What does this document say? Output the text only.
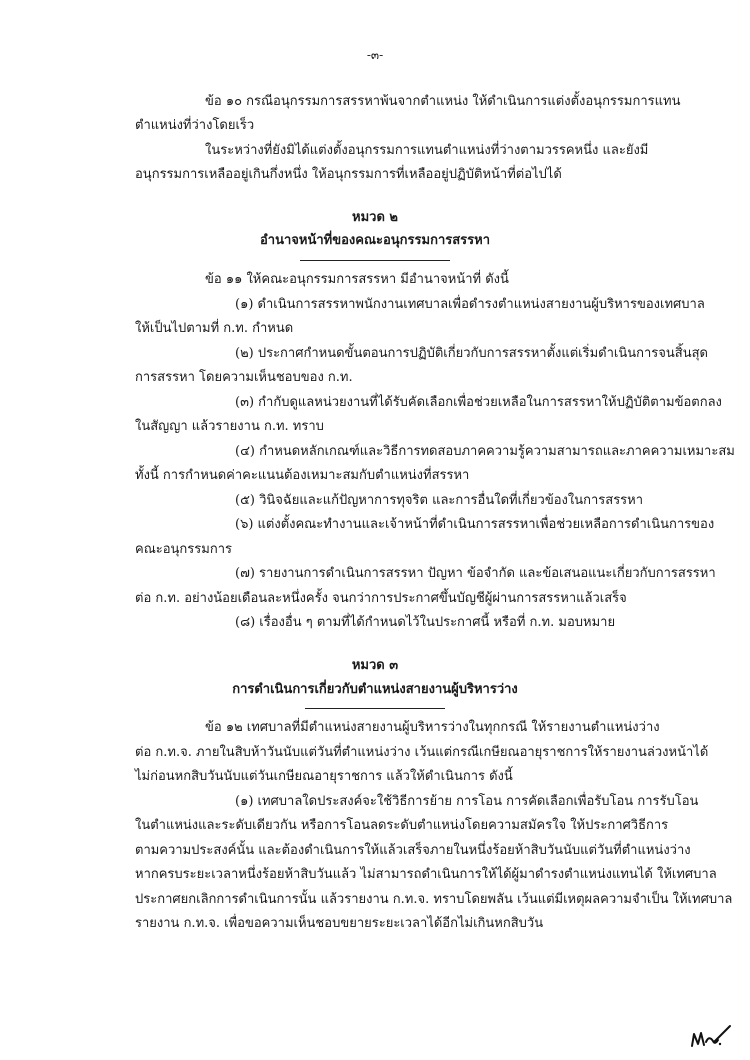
-๓-
ข้อ ๑๐ กรณีอนุกรรมการสรรหาพ้นจากตำแหน่ง ให้ดำเนินการแต่งตั้งอนุกรรมการแทน
ตำแหน่งที่ว่างโดยเร็ว
ในระหว่างที่ยังมิได้แต่งตั้งอนุกรรมการแทนตำแหน่งที่ว่างตามวรรคหนึ่ง และยังมี
อนุกรรมการเหลืออยู่เกินกึ่งหนึ่ง ให้อนุกรรมการที่เหลืออยู่ปฏิบัติหน้าที่ต่อไปได้
หมวด ๒
อำนาจหน้าที่ของคณะอนุกรรมการสรรหา
ข้อ ๑๑ ให้คณะอนุกรรมการสรรหา มีอำนาจหน้าที่ ดังนี้
(๑) ดำเนินการสรรหาพนักงานเทศบาลเพื่อดำรงตำแหน่งสายงานผู้บริหารของเทศบาล
ให้เป็นไปตามที่ ก.ท. กำหนด
(๒) ประกาศกำหนดขั้นตอนการปฏิบัติเกี่ยวกับการสรรหาตั้งแต่เริ่มดำเนินการจนสิ้นสุด
การสรรหา โดยความเห็นชอบของ ก.ท.
(๓) กำกับดูแลหน่วยงานที่ได้รับคัดเลือกเพื่อช่วยเหลือในการสรรหาให้ปฏิบัติตามข้อตกลง
ในสัญญา แล้วรายงาน ก.ท. ทราบ
(๔) กำหนดหลักเกณฑ์และวิธีการทดสอบภาคความรู้ความสามารถและภาคความเหมาะสม
ทั้งนี้ การกำหนดค่าคะแนนต้องเหมาะสมกับตำแหน่งที่สรรหา
(๕) วินิจฉัยและแก้ปัญหาการทุจริต และการอื่นใดที่เกี่ยวข้องในการสรรหา
(๖) แต่งตั้งคณะทำงานและเจ้าหน้าที่ดำเนินการสรรหาเพื่อช่วยเหลือการดำเนินการของ
คณะอนุกรรมการ
(๗) รายงานการดำเนินการสรรหา ปัญหา ข้อจำกัด และข้อเสนอแนะเกี่ยวกับการสรรหา
ต่อ ก.ท. อย่างน้อยเดือนละหนึ่งครั้ง จนกว่าการประกาศขึ้นบัญชีผู้ผ่านการสรรหาแล้วเสร็จ
(๘) เรื่องอื่น ๆ ตามที่ได้กำหนดไว้ในประกาศนี้ หรือที่ ก.ท. มอบหมาย
หมวด ๓
การดำเนินการเกี่ยวกับตำแหน่งสายงานผู้บริหารว่าง
ข้อ ๑๒ เทศบาลที่มีตำแหน่งสายงานผู้บริหารว่างในทุกกรณี ให้รายงานตำแหน่งว่าง
ต่อ ก.ท.จ. ภายในสิบห้าวันนับแต่วันที่ตำแหน่งว่าง เว้นแต่กรณีเกษียณอายุราชการให้รายงานล่วงหน้าได้
ไม่ก่อนหกสิบวันนับแต่วันเกษียณอายุราชการ แล้วให้ดำเนินการ ดังนี้
(๑) เทศบาลใดประสงค์จะใช้วิธีการย้าย การโอน การคัดเลือกเพื่อรับโอน การรับโอน
ในตำแหน่งและระดับเดียวกัน หรือการโอนลดระดับตำแหน่งโดยความสมัครใจ ให้ประกาศวิธีการ
ตามความประสงค์นั้น และต้องดำเนินการให้แล้วเสร็จภายในหนึ่งร้อยห้าสิบวันนับแต่วันที่ตำแหน่งว่าง
หากครบระยะเวลาหนึ่งร้อยห้าสิบวันแล้ว ไม่สามารถดำเนินการให้ได้ผู้มาดำรงตำแหน่งแทนได้ ให้เทศบาล
ประกาศยกเลิกการดำเนินการนั้น แล้วรายงาน ก.ท.จ. ทราบโดยพลัน เว้นแต่มีเหตุผลความจำเป็น ให้เทศบาล
รายงาน ก.ท.จ. เพื่อขอความเห็นชอบขยายระยะเวลาได้อีกไม่เกินหกสิบวัน
